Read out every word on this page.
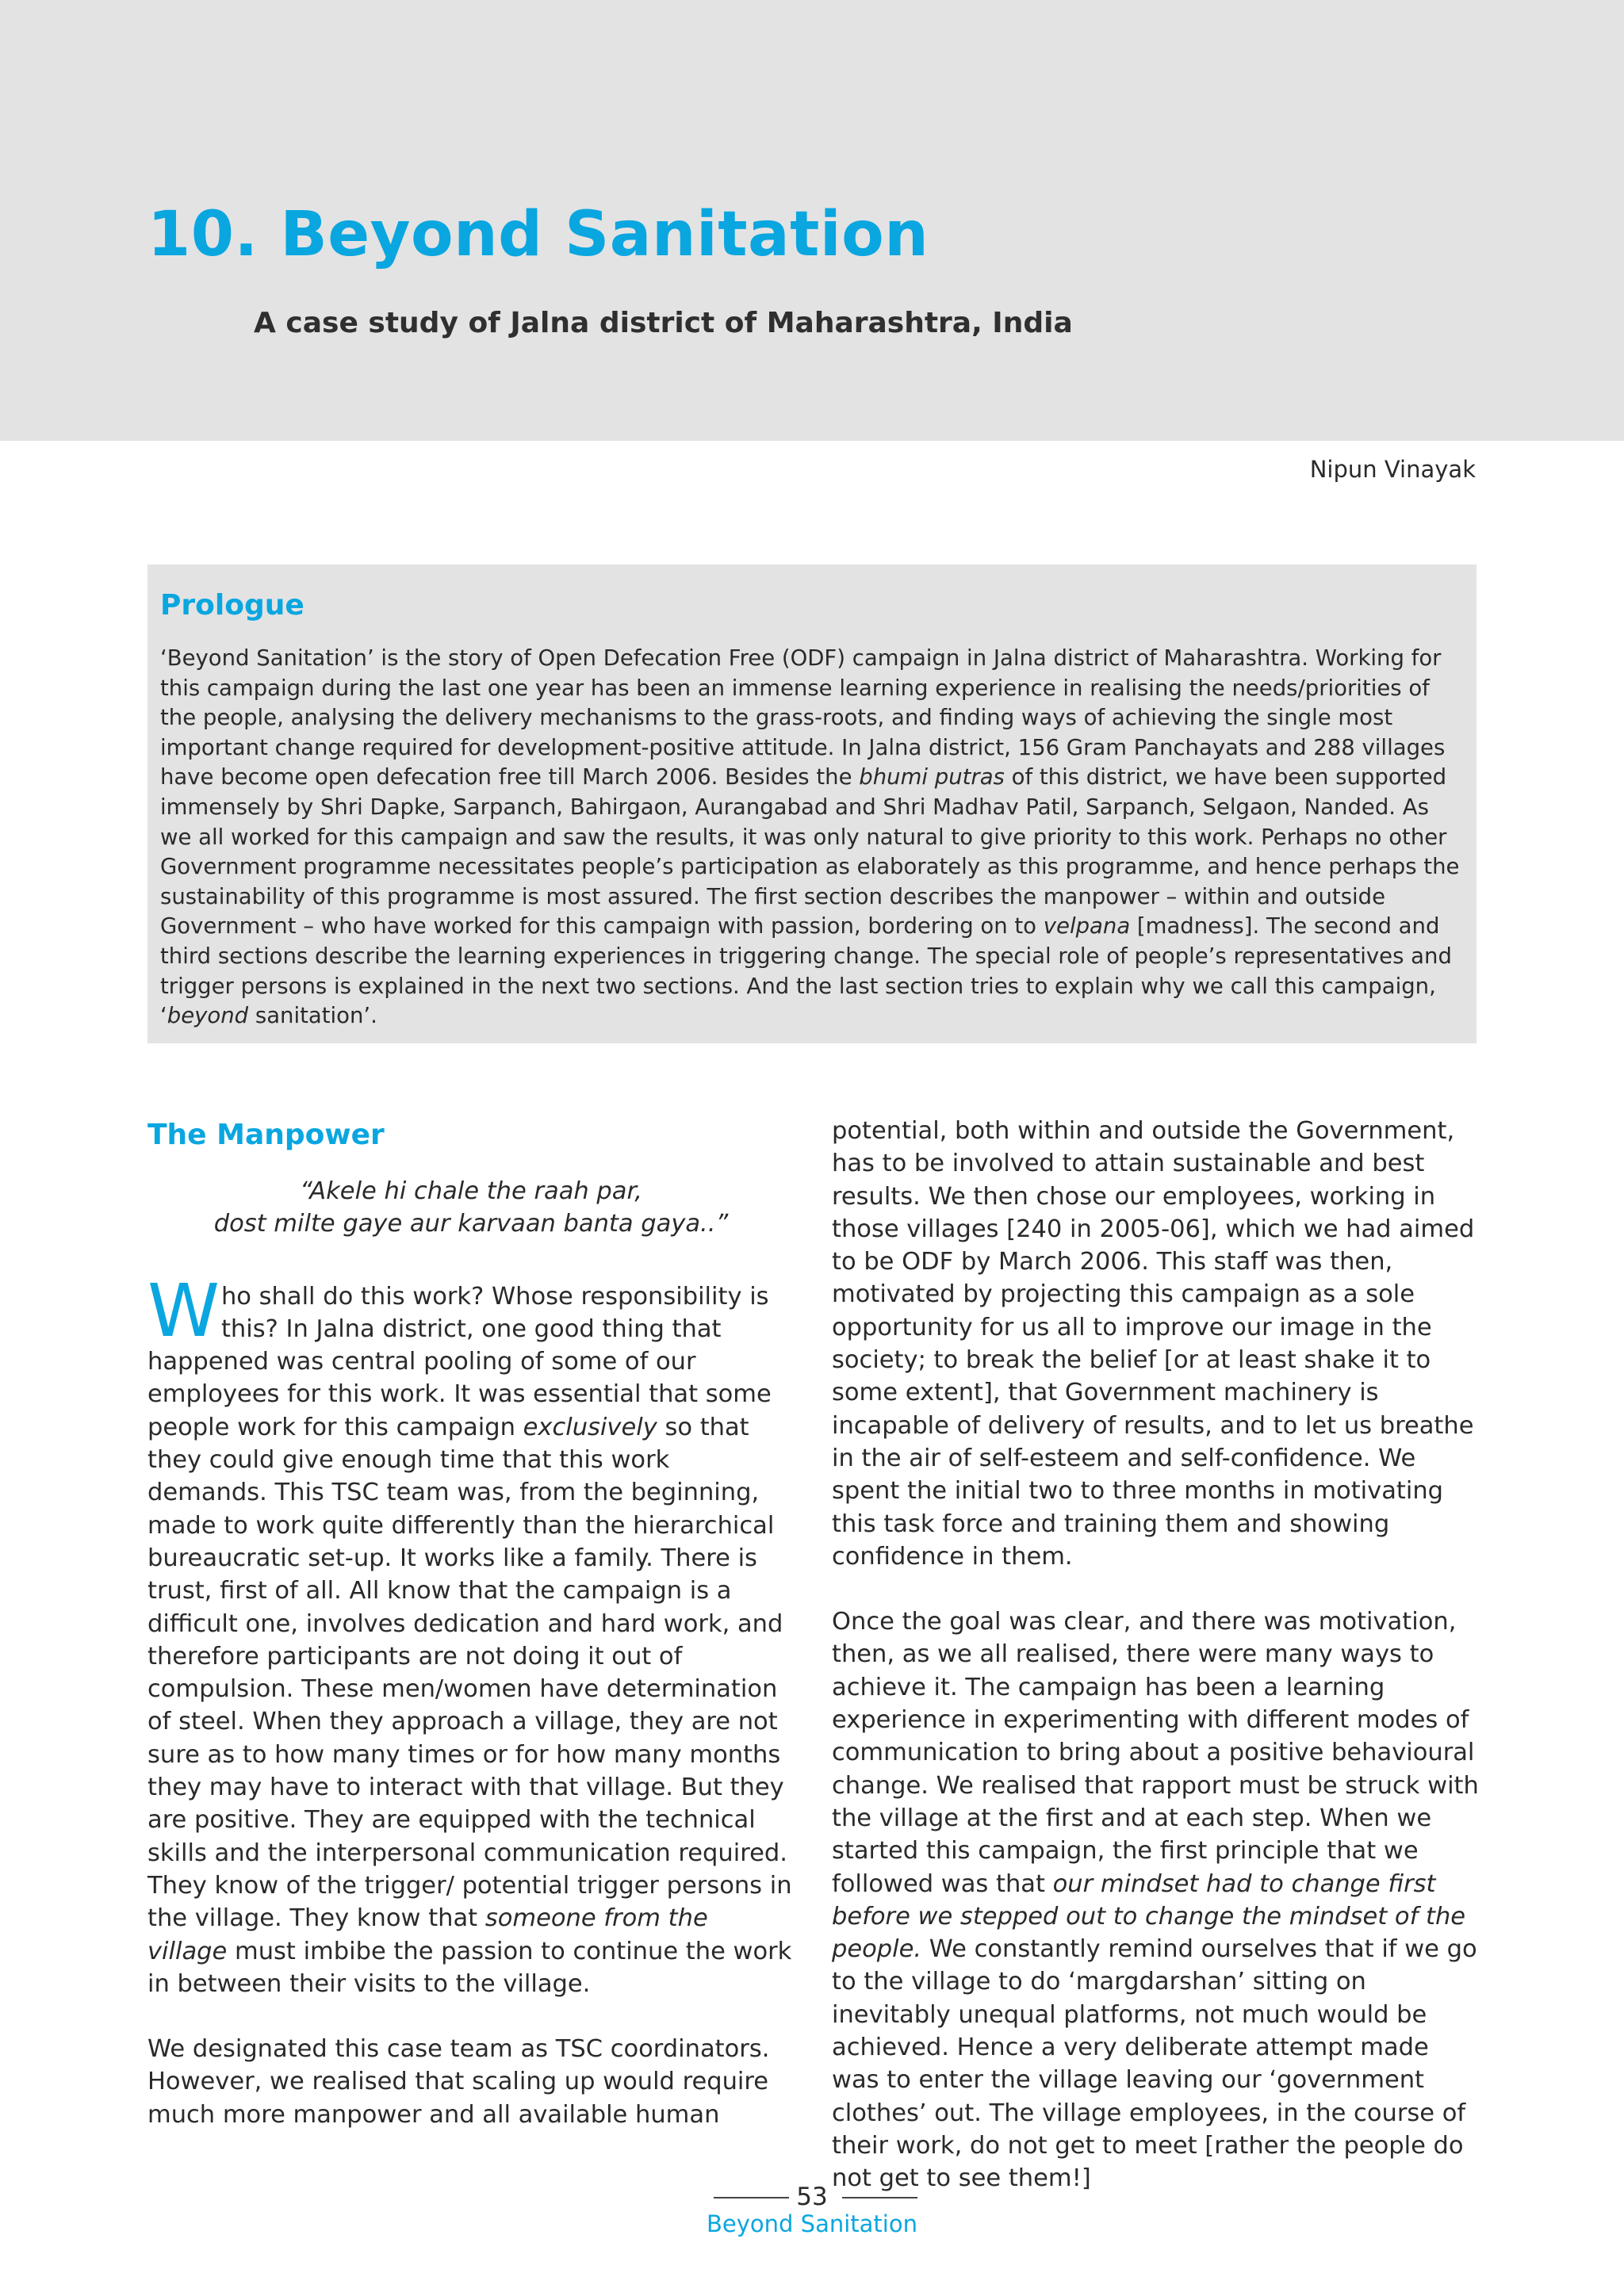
10. Beyond Sanitation
A case study of Jalna district of Maharashtra, India
Nipun Vinayak
Prologue

‘Beyond Sanitation’ is the story of Open Defecation Free (ODF) campaign in Jalna district of Maharashtra. Working for this campaign during the last one year has been an immense learning experience in realising the needs/priorities of the people, analysing the delivery mechanisms to the grass-roots, and finding ways of achieving the single most important change required for development-positive attitude. In Jalna district, 156 Gram Panchayats and 288 villages have become open defecation free till March 2006. Besides the bhumi putras of this district, we have been supported immensely by Shri Dapke, Sarpanch, Bahirgaon, Aurangabad and Shri Madhav Patil, Sarpanch, Selgaon, Nanded. As we all worked for this campaign and saw the results, it was only natural to give priority to this work. Perhaps no other Government programme necessitates people’s participation as elaborately as this programme, and hence perhaps the sustainability of this programme is most assured. The first section describes the manpower – within and outside Government – who have worked for this campaign with passion, bordering on to velpana [madness]. The second and third sections describe the learning experiences in triggering change. The special role of people’s representatives and trigger persons is explained in the next two sections. And the last section tries to explain why we call this campaign, ‘beyond sanitation’.

The Manpower
“Akele hi chale the raah par,
dost milte gaye aur karvaan banta gaya..”

Who shall do this work? Whose responsibility is this? In Jalna district, one good thing that happened was central pooling of some of our employees for this work. It was essential that some people work for this campaign exclusively so that they could give enough time that this work demands. This TSC team was, from the beginning, made to work quite differently than the hierarchical bureaucratic set-up. It works like a family. There is trust, first of all. All know that the campaign is a difficult one, involves dedication and hard work, and therefore participants are not doing it out of compulsion. These men/women have determination of steel. When they approach a village, they are not sure as to how many times or for how many months they may have to interact with that village. But they are positive. They are equipped with the technical skills and the interpersonal communication required. They know of the trigger/ potential trigger persons in the village. They know that someone from the village must imbibe the passion to continue the work in between their visits to the village.

We designated this case team as TSC coordinators. However, we realised that scaling up would require much more manpower and all available human

potential, both within and outside the Government, has to be involved to attain sustainable and best results. We then chose our employees, working in those villages [240 in 2005-06], which we had aimed to be ODF by March 2006. This staff was then, motivated by projecting this campaign as a sole opportunity for us all to improve our image in the society; to break the belief [or at least shake it to some extent], that Government machinery is incapable of delivery of results, and to let us breathe in the air of self-esteem and self-confidence. We spent the initial two to three months in motivating this task force and training them and showing confidence in them.

Once the goal was clear, and there was motivation, then, as we all realised, there were many ways to achieve it. The campaign has been a learning experience in experimenting with different modes of communication to bring about a positive behavioural change. We realised that rapport must be struck with the village at the first and at each step. When we started this campaign, the first principle that we followed was that our mindset had to change first before we stepped out to change the mindset of the people. We constantly remind ourselves that if we go to the village to do ‘margdarshan’ sitting on inevitably unequal platforms, not much would be achieved. Hence a very deliberate attempt made was to enter the village leaving our ‘government clothes’ out. The village employees, in the course of their work, do not get to meet [rather the people do not get to see them!]

53
Beyond Sanitation
